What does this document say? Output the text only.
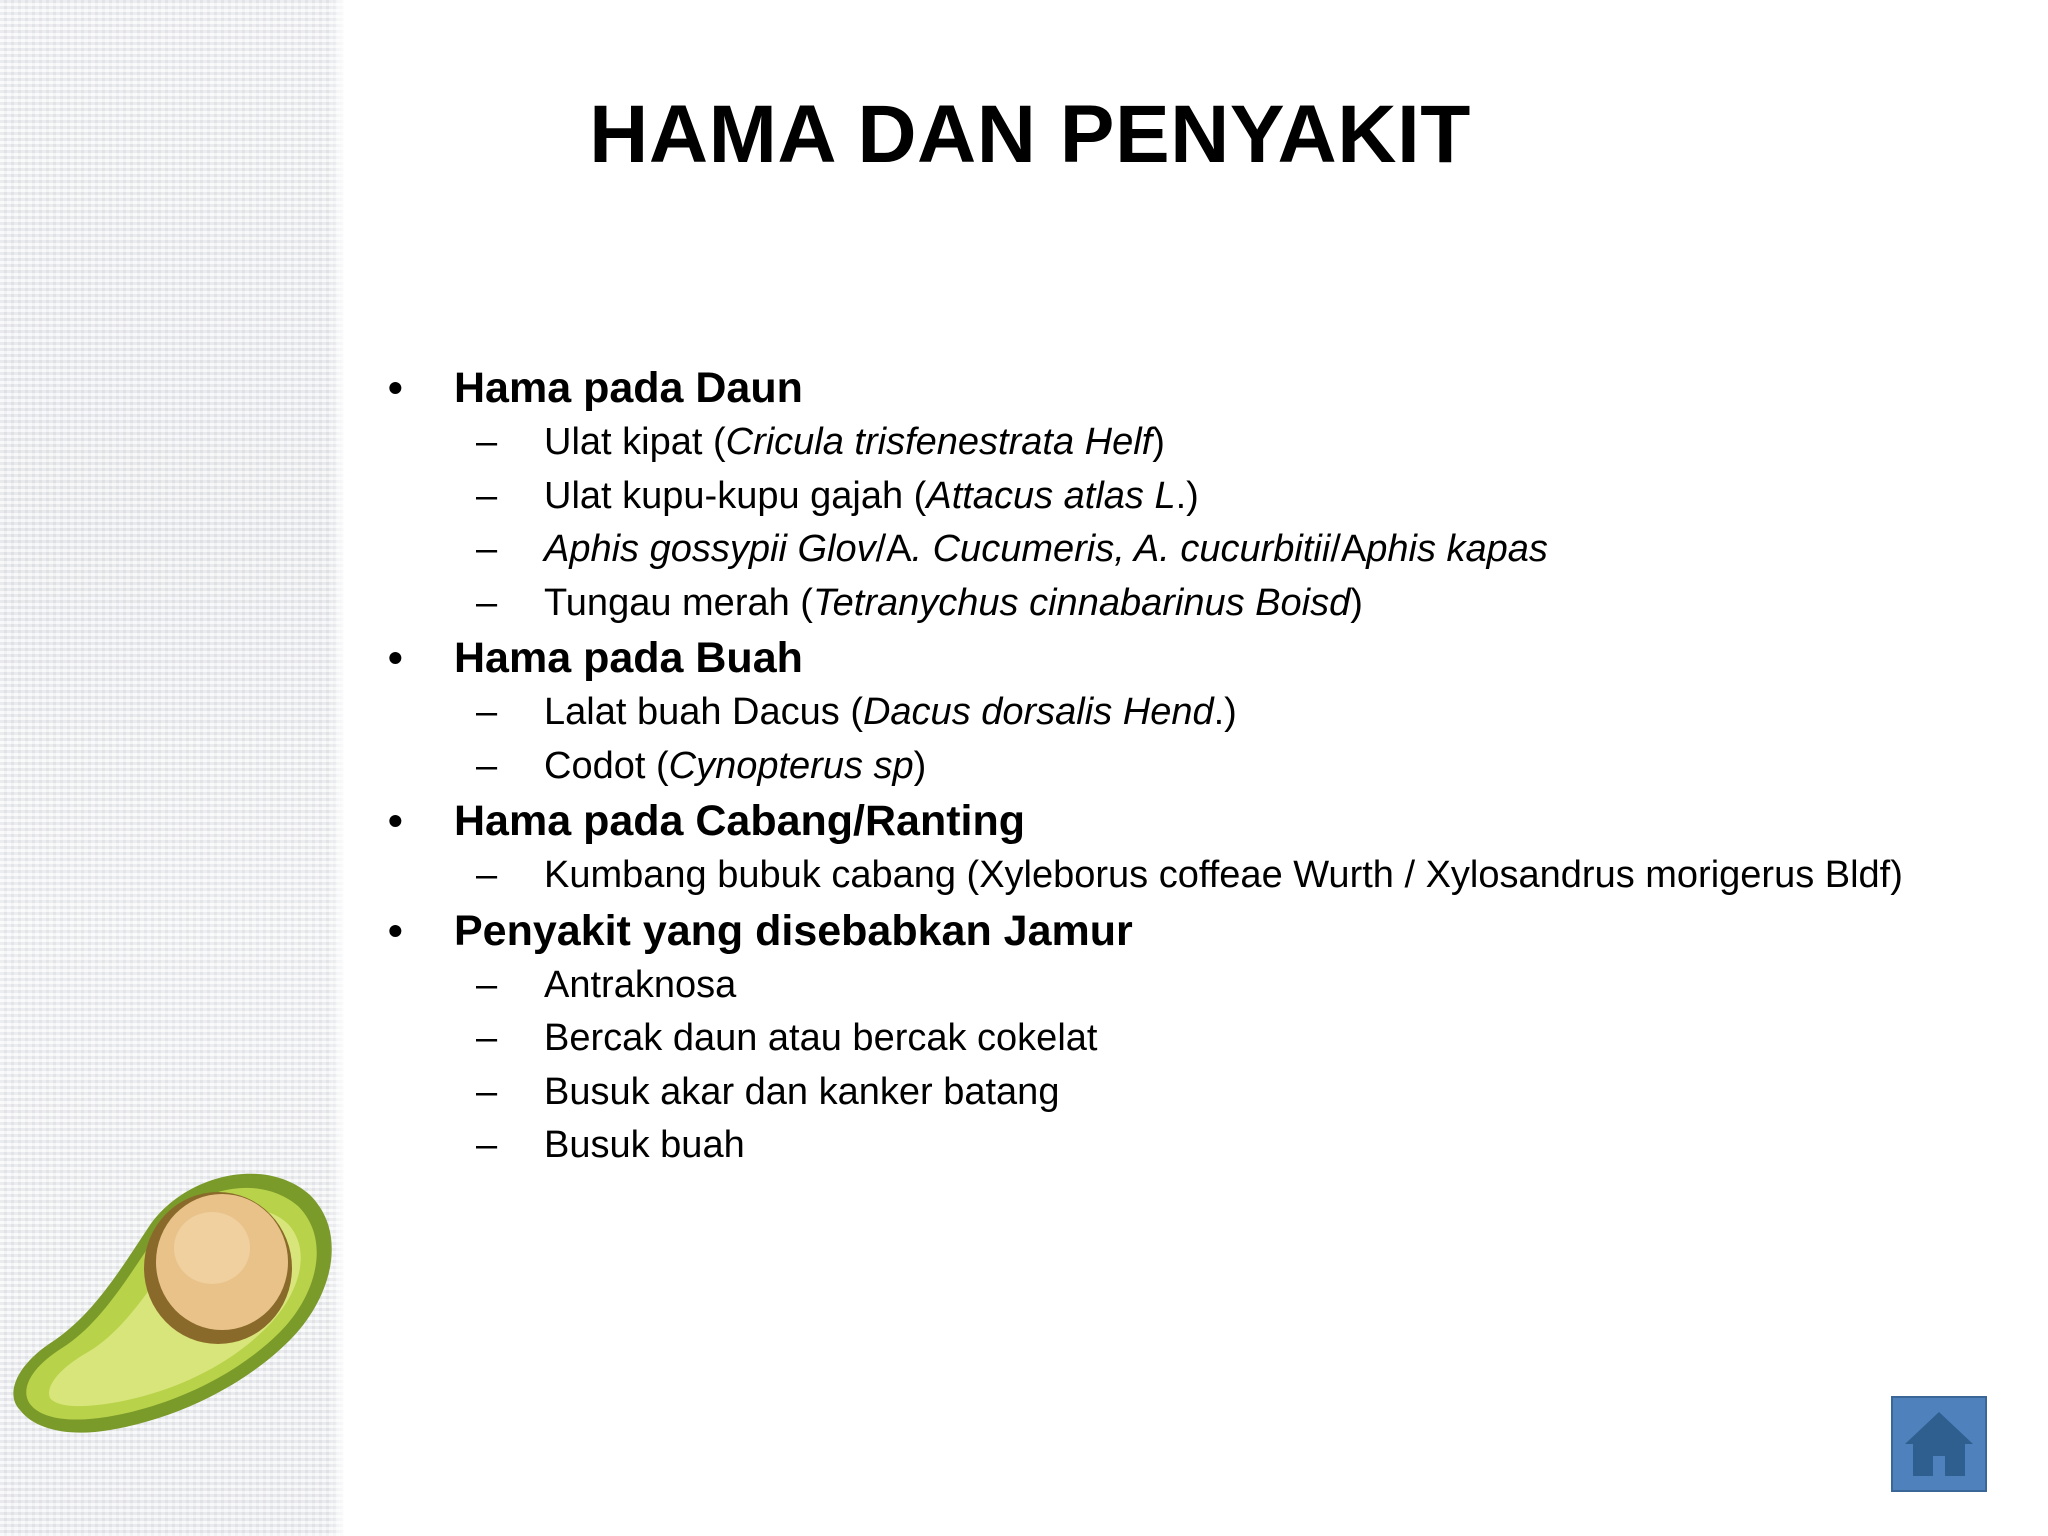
HAMA DAN PENYAKIT
• Hama pada Daun
– Ulat kipat (Cricula trisfenestrata Helf)
– Ulat kupu-kupu gajah (Attacus atlas L.)
– Aphis gossypii Glov/A. Cucumeris, A. cucurbitii/Aphis kapas
– Tungau merah (Tetranychus cinnabarinus Boisd)
• Hama pada Buah
– Lalat buah Dacus (Dacus dorsalis Hend.)
– Codot (Cynopterus sp)
• Hama pada Cabang/Ranting
– Kumbang bubuk cabang (Xyleborus coffeae Wurth / Xylosandrus morigerus Bldf)
• Penyakit yang disebabkan Jamur
– Antraknosa
– Bercak daun atau bercak cokelat
– Busuk akar dan kanker batang
– Busuk buah
